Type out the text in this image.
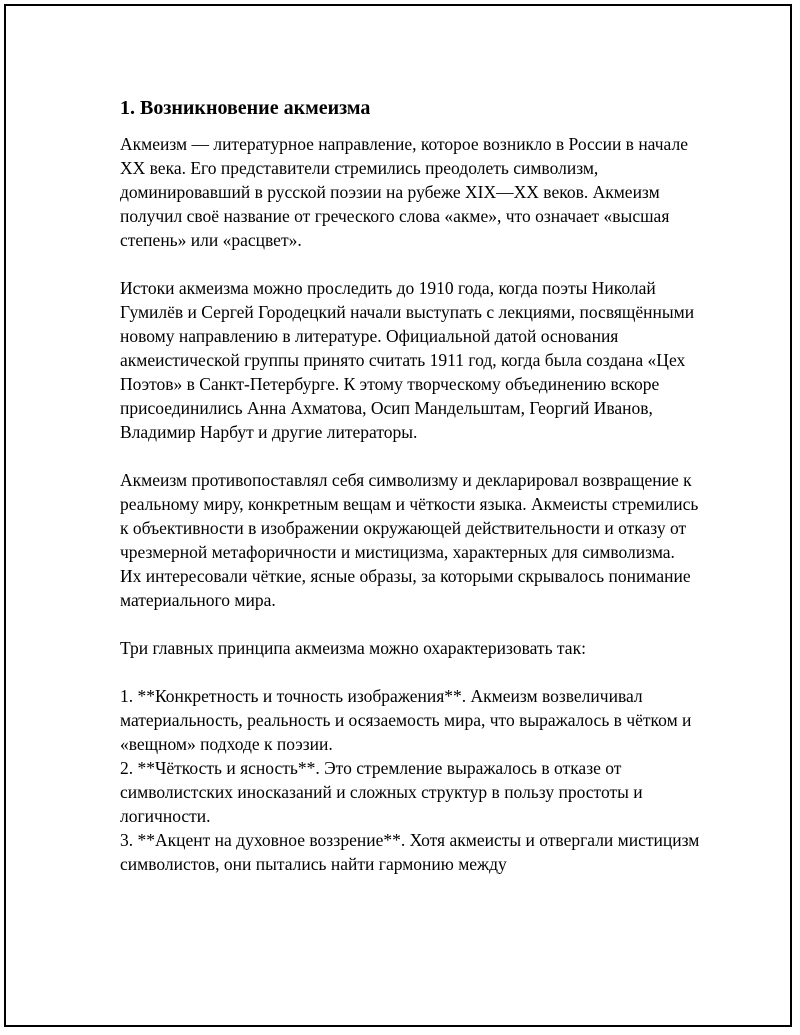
1. Возникновение акмеизма

Акмеизм — литературное направление, которое возникло в России в начале XX века. Его представители стремились преодолеть символизм, доминировавший в русской поэзии на рубеже XIX—XX веков. Акмеизм получил своё название от греческого слова «акме», что означает «высшая степень» или «расцвет».

Истоки акмеизма можно проследить до 1910 года, когда поэты Николай Гумилёв и Сергей Городецкий начали выступать с лекциями, посвящёнными новому направлению в литературе. Официальной датой основания акмеистической группы принято считать 1911 год, когда была создана «Цех Поэтов» в Санкт-Петербурге. К этому творческому объединению вскоре присоединились Анна Ахматова, Осип Мандельштам, Георгий Иванов, Владимир Нарбут и другие литераторы.

Акмеизм противопоставлял себя символизму и декларировал возвращение к реальному миру, конкретным вещам и чёткости языка. Акмеисты стремились к объективности в изображении окружающей действительности и отказу от чрезмерной метафоричности и мистицизма, характерных для символизма. Их интересовали чёткие, ясные образы, за которыми скрывалось понимание материального мира.

Три главных принципа акмеизма можно охарактеризовать так:

1. **Конкретность и точность изображения**. Акмеизм возвеличивал материальность, реальность и осязаемость мира, что выражалось в чётком и «вещном» подходе к поэзии.

2. **Чёткость и ясность**. Это стремление выражалось в отказе от символистских иносказаний и сложных структур в пользу простоты и логичности.

3. **Акцент на духовное воззрение**. Хотя акмеисты и отвергали мистицизм символистов, они пытались найти гармонию между
